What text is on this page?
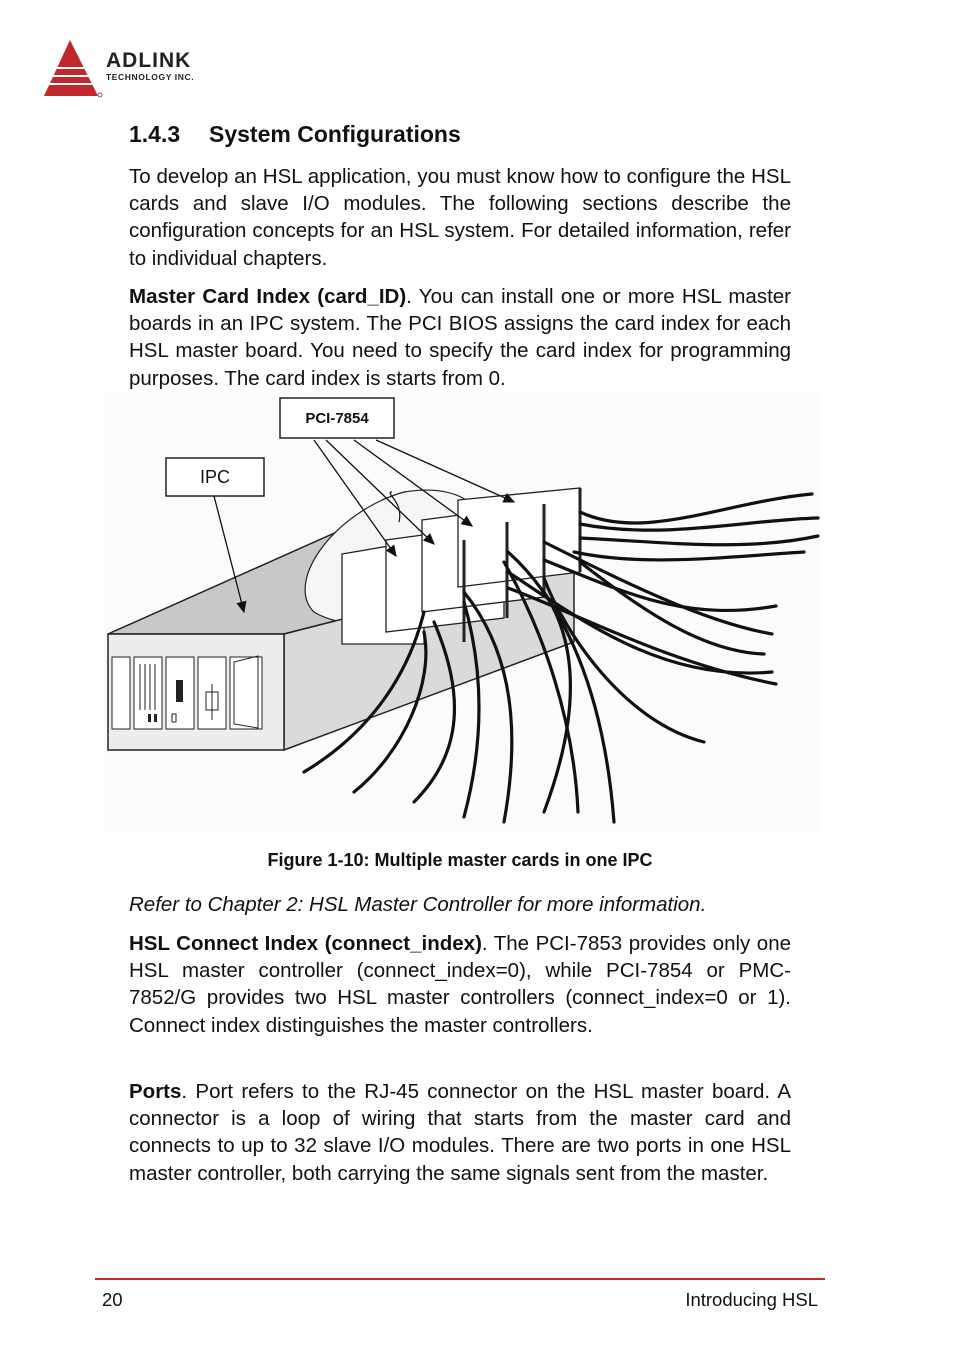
ADLINK
TECHNOLOGY INC.
1.4.3 System Configurations

To develop an HSL application, you must know how to configure the HSL cards and slave I/O modules. The following sections describe the configuration concepts for an HSL system. For detailed information, refer to individual chapters.

Master Card Index (card_ID). You can install one or more HSL master boards in an IPC system. The PCI BIOS assigns the card index for each HSL master board. You need to specify the card index for programming purposes. The card index is starts from 0.

PCI-7854
IPC
Figure 1-10: Multiple master cards in one IPC

Refer to Chapter 2: HSL Master Controller for more information.

HSL Connect Index (connect_index). The PCI-7853 provides only one HSL master controller (connect_index=0), while PCI-7854 or PMC-7852/G provides two HSL master controllers (connect_index=0 or 1). Connect index distinguishes the master controllers.

Ports. Port refers to the RJ-45 connector on the HSL master board. A connector is a loop of wiring that starts from the master card and connects to up to 32 slave I/O modules. There are two ports in one HSL master controller, both carrying the same signals sent from the master.

20	Introducing HSL
